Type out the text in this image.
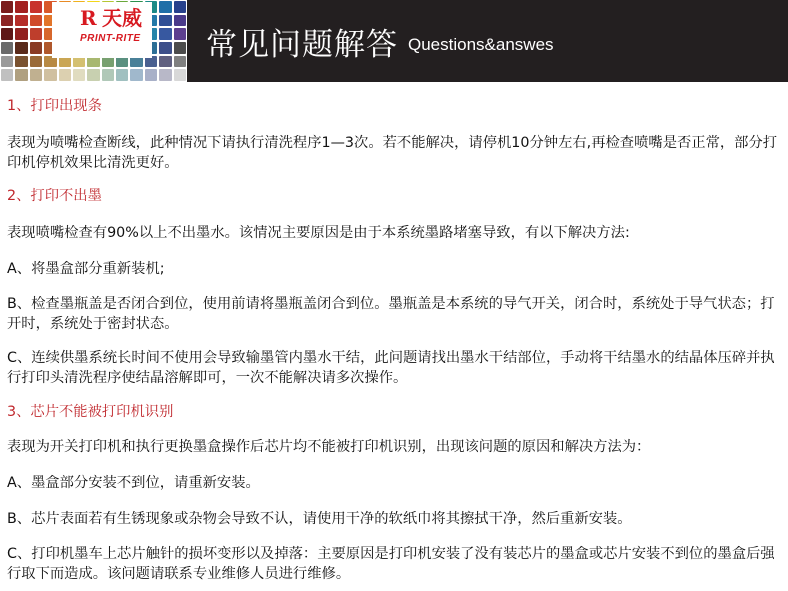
R 天威
PRINT-RITE 常见问题解答 Questions&answes

1、打印出现条

表现为喷嘴检查断线，此种情况下请执行清洗程序1—3次。若不能解决，请停机10分钟左右,再检查喷嘴是否正常，部分打印机停机效果比清洗更好。

2、打印不出墨

表现喷嘴检查有90%以上不出墨水。该情况主要原因是由于本系统墨路堵塞导致，有以下解决方法:

A、将墨盒部分重新装机;

B、检查墨瓶盖是否闭合到位，使用前请将墨瓶盖闭合到位。墨瓶盖是本系统的导气开关，闭合时，系统处于导气状态；打开时，系统处于密封状态。

C、连续供墨系统长时间不使用会导致输墨管内墨水干结，此问题请找出墨水干结部位，手动将干结墨水的结晶体压碎并执行打印头清洗程序使结晶溶解即可，一次不能解决请多次操作。

3、芯片不能被打印机识别

表现为开关打印机和执行更换墨盒操作后芯片均不能被打印机识别，出现该问题的原因和解决方法为：

A、墨盒部分安装不到位，请重新安装。

B、芯片表面若有生锈现象或杂物会导致不认，请使用干净的软纸巾将其擦拭干净，然后重新安装。

C、打印机墨车上芯片触针的损坏变形以及掉落：主要原因是打印机安装了没有装芯片的墨盒或芯片安装不到位的墨盒后强行取下而造成。该问题请联系专业维修人员进行维修。
